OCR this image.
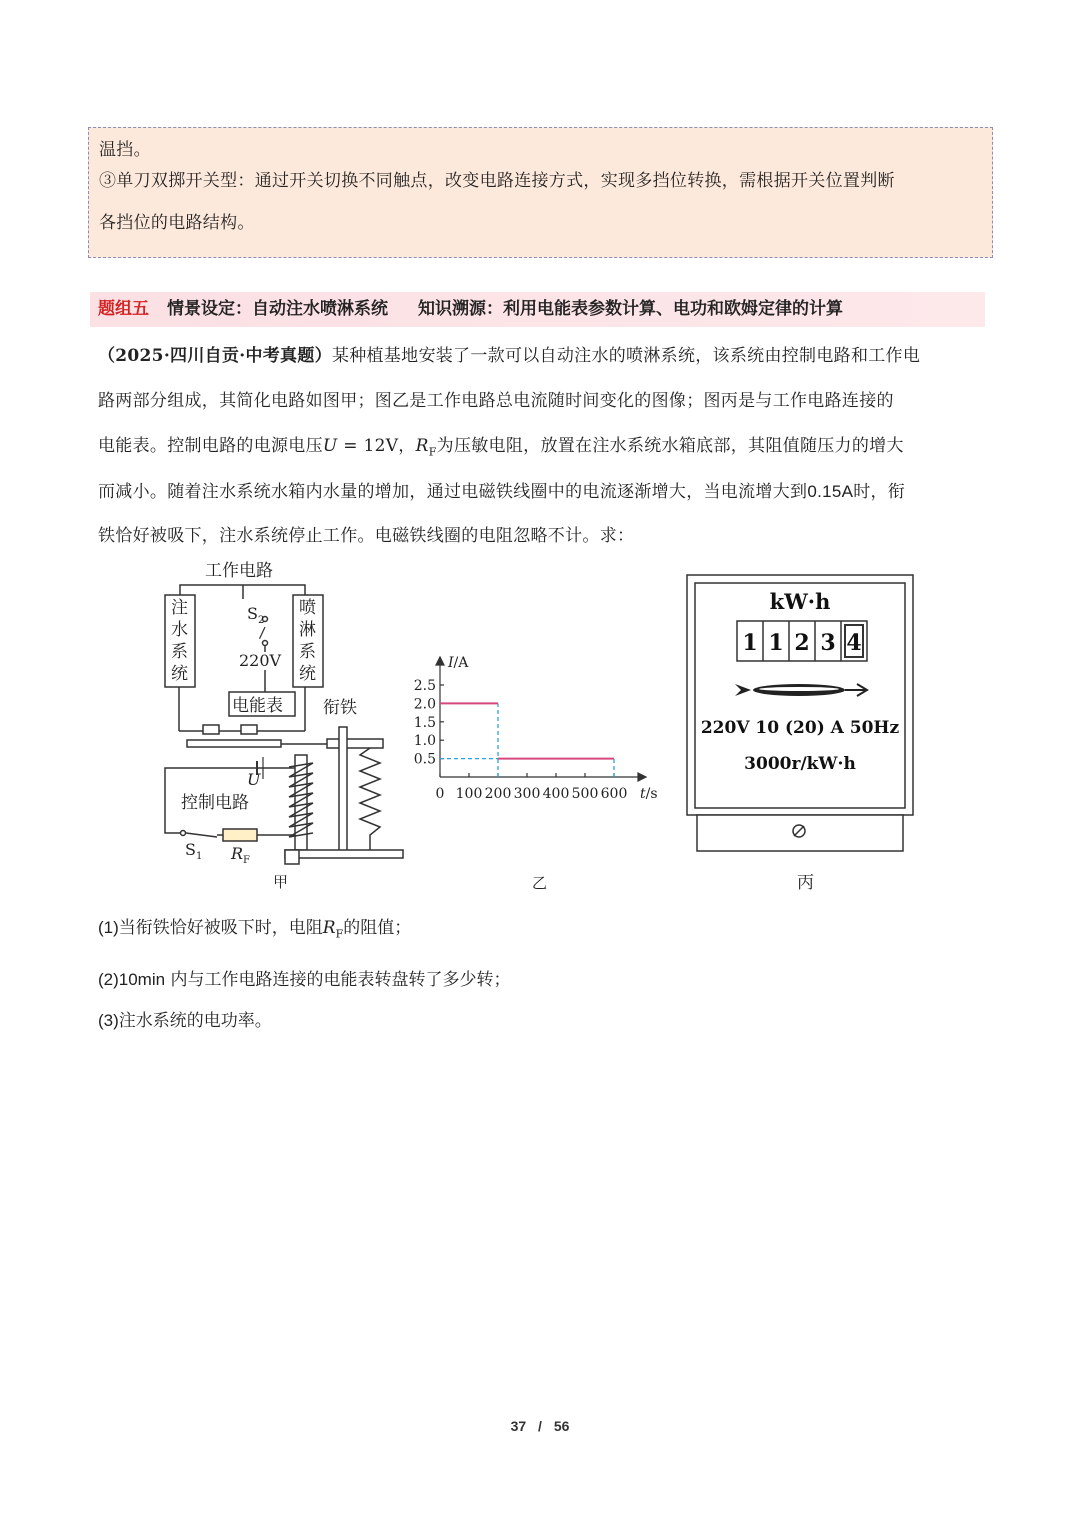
温挡。

③单刀双掷开关型：通过开关切换不同触点，改变电路连接方式，实现多挡位转换，需根据开关位置判断

各挡位的电路结构。

题组五 情景设定：自动注水喷淋系统 知识溯源：利用电能表参数计算、电功和欧姆定律的计算
（2025·四川自贡·中考真题）某种植基地安装了一款可以自动注水的喷淋系统，该系统由控制电路和工作电
路两部分组成，其简化电路如图甲；图乙是工作电路总电流随时间变化的图像；图丙是与工作电路连接的
电能表。控制电路的电源电压U = 12V，$R_F$为压敏电阻，放置在注水系统水箱底部，其阻值随压力的增大
而减小。随着注水系统水箱内水量的增加，通过电磁铁线圈中的电流逐渐增大，当电流增大到0.15A时，衔
铁恰好被吸下，注水系统停止工作。电磁铁线圈的电阻忽略不计。求：
工作电路
注
水
系
统
喷
淋
系
统
电能表 衔铁
控制电路
$S_2$
220V
U
$S_1$ $R_F$
甲
0.5
1.0
1.5
2.0
2.5
0 100 200 300 400 500 600
I/A
t/s
乙
kW·h
1 1 2 3 4
220V 10 (20) A 50Hz
3000r/kW·h
丙
(1)当衔铁恰好被吸下时，电阻$R_F$的阻值；
(2)10min 内与工作电路连接的电能表转盘转了多少转；
(3)注水系统的电功率。
37 / 56
